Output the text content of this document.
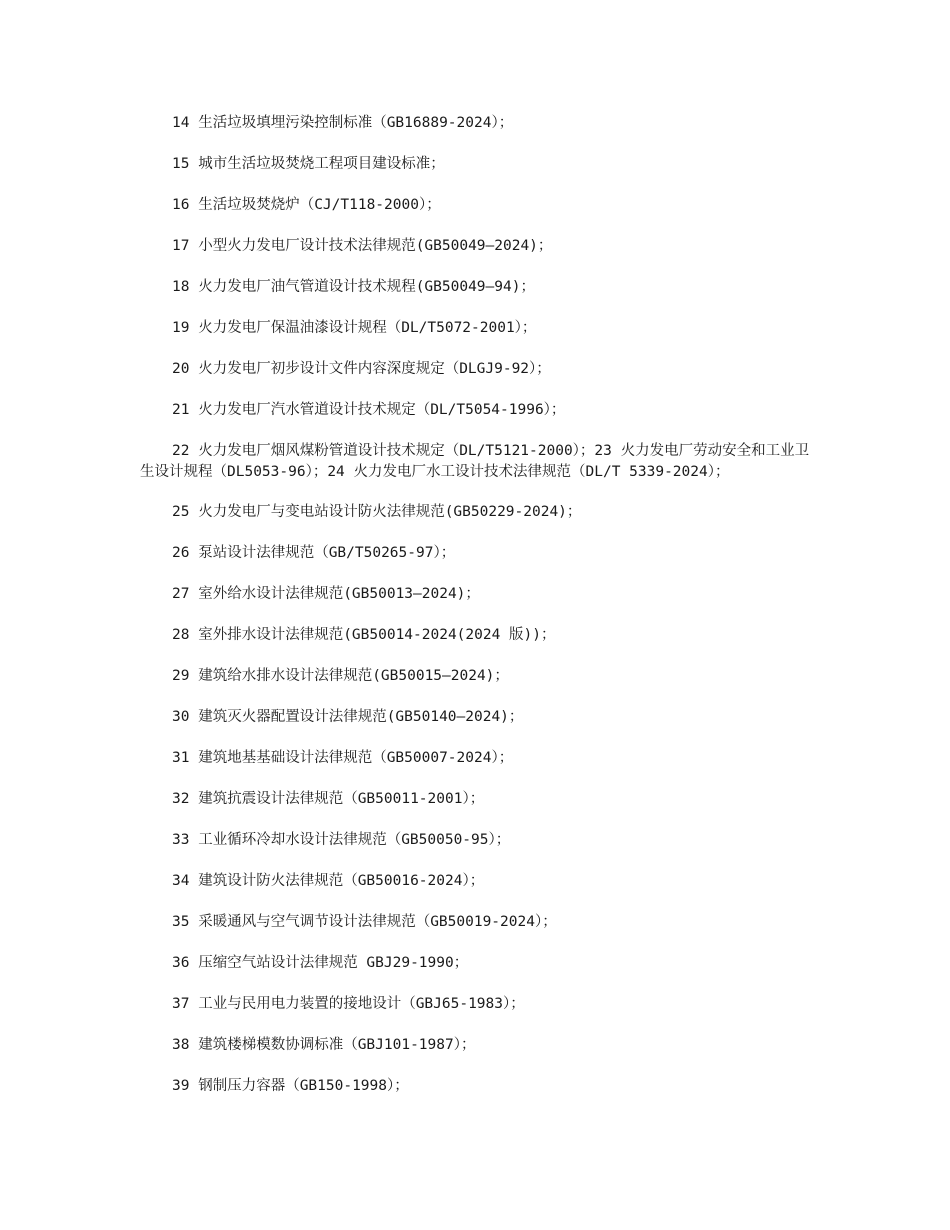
14 生活垃圾填埋污染控制标准（GB16889-2024）；

15 城市生活垃圾焚烧工程项目建设标准；

16 生活垃圾焚烧炉（CJ/T118-2000）；

17 小型火力发电厂设计技术法律规范(GB50049—2024)；

18 火力发电厂油气管道设计技术规程(GB50049—94)；

19 火力发电厂保温油漆设计规程（DL/T5072-2001）；

20 火力发电厂初步设计文件内容深度规定（DLGJ9-92）；

21 火力发电厂汽水管道设计技术规定（DL/T5054-1996）；

22 火力发电厂烟风煤粉管道设计技术规定（DL/T5121-2000）；23 火力发电厂劳动安全和工业卫生设计规程（DL5053-96）；24 火力发电厂水工设计技术法律规范（DL/T 5339-2024）；

25 火力发电厂与变电站设计防火法律规范(GB50229-2024)；

26 泵站设计法律规范（GB/T50265-97）；

27 室外给水设计法律规范(GB50013—2024)；

28 室外排水设计法律规范(GB50014-2024(2024 版))；

29 建筑给水排水设计法律规范(GB50015—2024)；

30 建筑灭火器配置设计法律规范(GB50140—2024)；

31 建筑地基基础设计法律规范（GB50007-2024）；

32 建筑抗震设计法律规范（GB50011-2001）；

33 工业循环冷却水设计法律规范（GB50050-95）；

34 建筑设计防火法律规范（GB50016-2024）；

35 采暖通风与空气调节设计法律规范（GB50019-2024）；

36 压缩空气站设计法律规范 GBJ29-1990；

37 工业与民用电力装置的接地设计（GBJ65-1983）；

38 建筑楼梯模数协调标准（GBJ101-1987）；

39 钢制压力容器（GB150-1998）；
